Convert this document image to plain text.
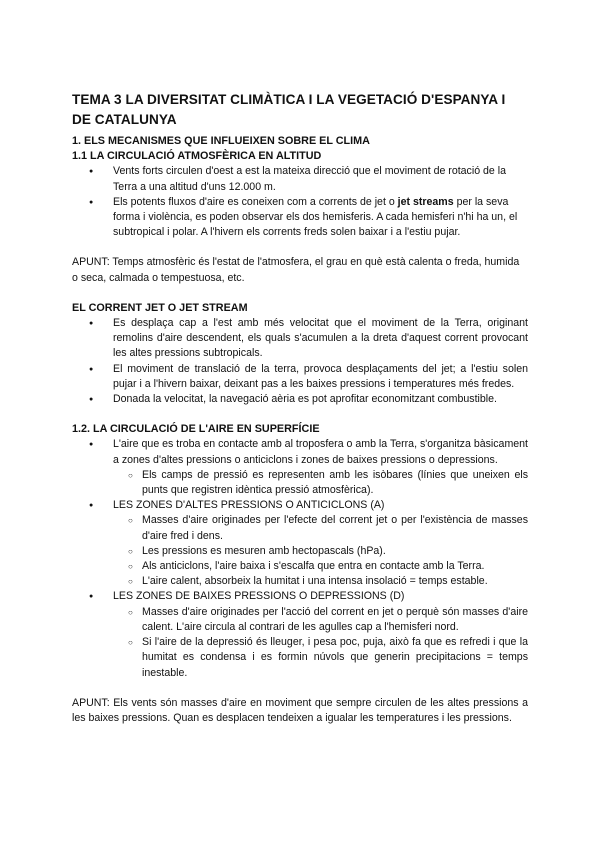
TEMA 3 LA DIVERSITAT CLIMÀTICA I LA VEGETACIÓ D'ESPANYA I DE CATALUNYA

1. ELS MECANISMES QUE INFLUEIXEN SOBRE EL CLIMA

1.1 LA CIRCULACIÓ ATMOSFÈRICA EN ALTITUD

● Vents forts circulen d'oest a est la mateixa direcció que el moviment de rotació de la Terra a una altitud d'uns 12.000 m.
● Els potents fluxos d'aire es coneixen com a corrents de jet o jet streams per la seva forma i violència, es poden observar els dos hemisferis. A cada hemisferi n'hi ha un, el subtropical i polar. A l'hivern els corrents freds solen baixar i a l'estiu pujar.

APUNT: Temps atmosfèric és l'estat de l'atmosfera, el grau en què està calenta o freda, humida o seca, calmada o tempestuosa, etc.

EL CORRENT JET O JET STREAM

● Es desplaça cap a l'est amb més velocitat que el moviment de la Terra, originant remolins d'aire descendent, els quals s'acumulen a la dreta d'aquest corrent provocant les altes pressions subtropicals.
● El moviment de translació de la terra, provoca desplaçaments del jet; a l'estiu solen pujar i a l'hivern baixar, deixant pas a les baixes pressions i temperatures més fredes.
● Donada la velocitat, la navegació aèria es pot aprofitar economitzant combustible.

1.2. LA CIRCULACIÓ DE L'AIRE EN SUPERFÍCIE

● L'aire que es troba en contacte amb al troposfera o amb la Terra, s'organitza bàsicament a zones d'altes pressions o anticiclons i zones de baixes pressions o depressions.
○ Els camps de pressió es representen amb les isòbares (línies que uneixen els punts que registren idèntica pressió atmosfèrica).
● LES ZONES D'ALTES PRESSIONS O ANTICICLONS (A)
○ Masses d'aire originades per l'efecte del corrent jet o per l'existència de masses d'aire fred i dens.
○ Les pressions es mesuren amb hectopascals (hPa).
○ Als anticiclons, l'aire baixa i s'escalfa que entra en contacte amb la Terra.
○ L'aire calent, absorbeix la humitat i una intensa insolació = temps estable.
● LES ZONES DE BAIXES PRESSIONS O DEPRESSIONS (D)
○ Masses d'aire originades per l'acció del corrent en jet o perquè són masses d'aire calent. L'aire circula al contrari de les agulles cap a l'hemisferi nord.
○ Si l'aire de la depressió és lleuger, i pesa poc, puja, això fa que es refredi i que la humitat es condensa i es formin núvols que generin precipitacions = temps inestable.

APUNT: Els vents són masses d'aire en moviment que sempre circulen de les altes pressions a les baixes pressions. Quan es desplacen tendeixen a igualar les temperatures i les pressions.
